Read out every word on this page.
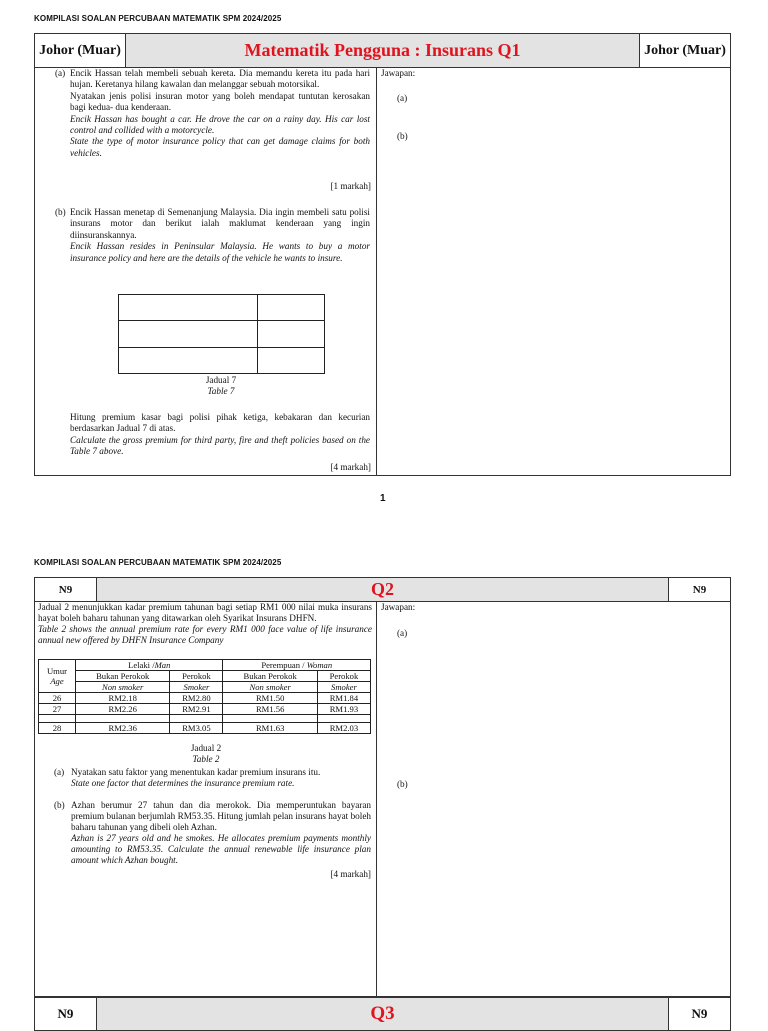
KOMPILASI SOALAN PERCUBAAN MATEMATIK SPM 2024/2025
Johor (Muar)	Matematik Pengguna : Insurans Q1	Johor (Muar)
(a) Encik Hassan telah membeli sebuah kereta. Dia memandu kereta itu pada hari hujan. Keretanya hilang kawalan dan melanggar sebuah motorsikal.
Nyatakan jenis polisi insuran motor yang boleh mendapat tuntutan kerosakan bagi kedua- dua kenderaan.
Encik Hassan has bought a car. He drove the car on a rainy day. His car lost control and collided with a motorcycle.
State the type of motor insurance policy that can get damage claims for both vehicles.
[1 markah]
(b) Encik Hassan menetap di Semenanjung Malaysia. Dia ingin membeli satu polisi insurans motor dan berikut ialah maklumat kenderaan yang ingin diinsuranskannya.
Encik Hassan resides in Peninsular Malaysia. He wants to buy a motor insurance policy and here are the details of the vehicle he wants to insure.

Jadual 7
Table 7
Hitung premium kasar bagi polisi pihak ketiga, kebakaran dan kecurian berdasarkan Jadual 7 di atas.
Calculate the gross premium for third party, fire and theft policies based on the Table 7 above.
[4 markah]
Jawapan:
(a)
(b)
1
KOMPILASI SOALAN PERCUBAAN MATEMATIK SPM 2024/2025
N9	Q2	N9
Jadual 2 menunjukkan kadar premium tahunan bagi setiap RM1 000 nilai muka insurans hayat boleh baharu tahunan yang ditawarkan oleh Syarikat Insurans DHFN.
Table 2 shows the annual premium rate for every RM1 000 face value of life insurance annual new offered by DHFN Insurance Company
Umur
Age	Lelaki /Man		Perempuan / Woman	
	Bukan Perokok	Perokok	Bukan Perokok	Perokok
	Non smoker	Smoker	Non smoker	Smoker
26	RM2.18	RM2.80	RM1.50	RM1.84
27	RM2.26	RM2.91	RM1.56	RM1.93

28	RM2.36	RM3.05	RM1.63	RM2.03
Jadual 2
Table 2
(a) Nyatakan satu faktor yang menentukan kadar premium insurans itu.
State one factor that determines the insurance premium rate.
(b) Azhan berumur 27 tahun dan dia merokok. Dia memperuntukan bayaran premium bulanan berjumlah RM53.35. Hitung jumlah pelan insurans hayat boleh baharu tahunan yang dibeli oleh Azhan.
Azhan is 27 years old and he smokes. He allocates premium payments monthly amounting to RM53.35. Calculate the annual renewable life insurance plan amount which Azhan bought.
[4 markah]
Jawapan:
(a)
(b)
N9	Q3	N9
